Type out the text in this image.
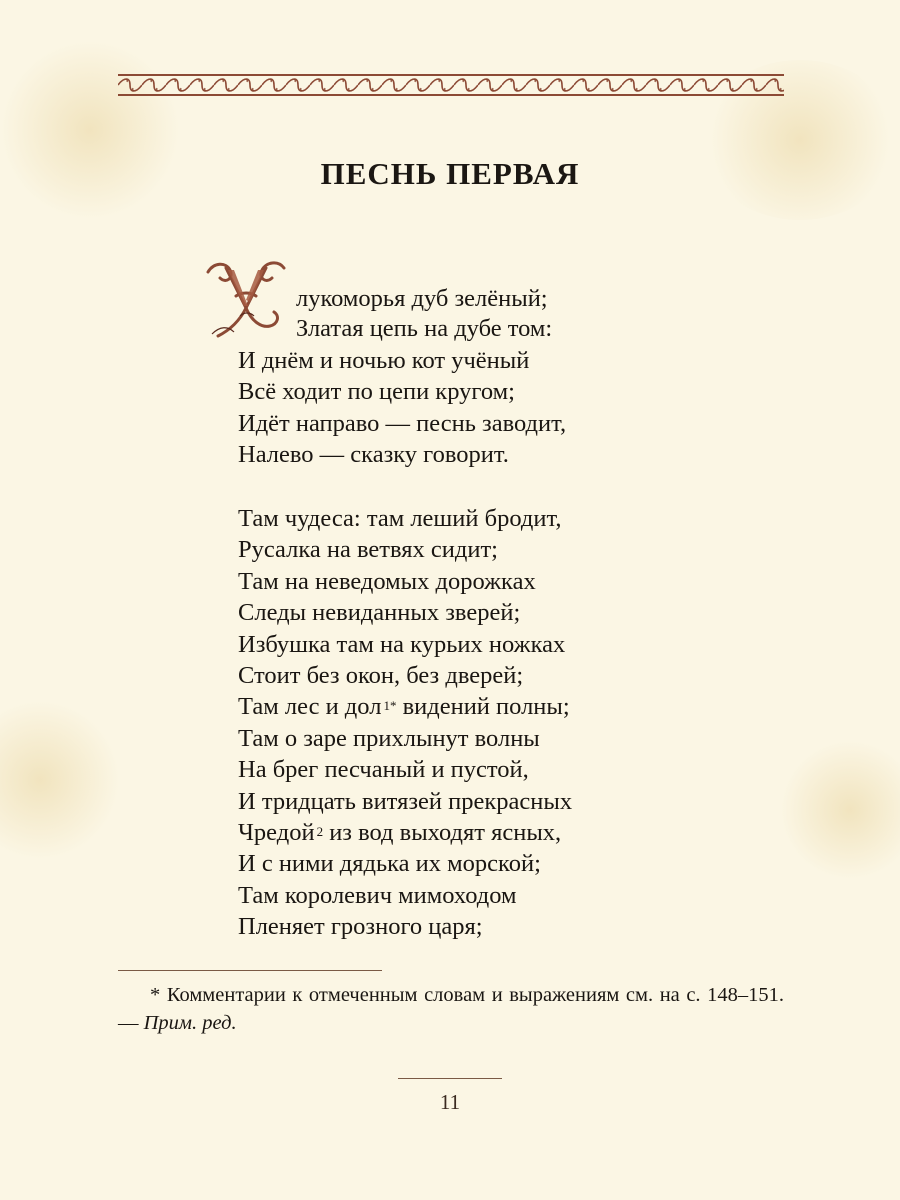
ПЕСНЬ ПЕРВАЯ
лукоморья дуб зелёный;
Златая цепь на дубе том:
И днём и ночью кот учёный
Всё ходит по цепи кругом;
Идёт направо — песнь заводит,
Налево — сказку говорит.
Там чудеса: там леший бродит,
Русалка на ветвях сидит;
Там на неведомых дорожках
Следы невиданных зверей;
Избушка там на курьих ножках
Стоит без окон, без дверей;
Там лес и дол $^{1*}$ видений полны;
Там о заре прихлынут волны
На брег песчаный и пустой,
И тридцать витязей прекрасных
Чредой $^2$ из вод выходят ясных,
И с ними дядька их морской;
Там королевич мимоходом
Пленяет грозного царя;
* Комментарии к отмеченным словам и выражениям см. на с. 148–151. — Прим. ред.
11
